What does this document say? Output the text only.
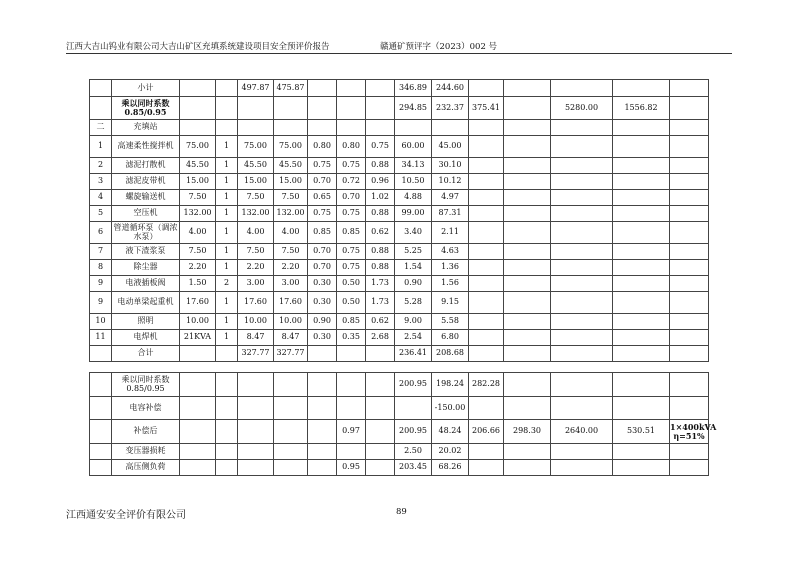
江西大吉山钨业有限公司大吉山矿区充填系统建设项目安全预评价报告	赣通矿预评字（2023）002 号
	小计			497.87	475.87				346.89	244.60					
	乘以同时系数0.85/0.95								294.85	232.37	375.41		5280.00	1556.82	
二	充填站														
1	高速柔性搅拌机	75.00	1	75.00	75.00	0.80	0.80	0.75	60.00	45.00					
2	滤泥打散机	45.50	1	45.50	45.50	0.75	0.75	0.88	34.13	30.10					
3	滤泥皮带机	15.00	1	15.00	15.00	0.70	0.72	0.96	10.50	10.12					
4	螺旋输送机	7.50	1	7.50	7.50	0.65	0.70	1.02	4.88	4.97					
5	空压机	132.00	1	132.00	132.00	0.75	0.75	0.88	99.00	87.31					
6	管道循环泵（调浓水泵）	4.00	1	4.00	4.00	0.85	0.85	0.62	3.40	2.11					
7	液下渣浆泵	7.50	1	7.50	7.50	0.70	0.75	0.88	5.25	4.63					
8	除尘器	2.20	1	2.20	2.20	0.70	0.75	0.88	1.54	1.36					
9	电液插板阀	1.50	2	3.00	3.00	0.30	0.50	1.73	0.90	1.56					
9	电动单梁起重机	17.60	1	17.60	17.60	0.30	0.50	1.73	5.28	9.15					
10	照明	10.00	1	10.00	10.00	0.90	0.85	0.62	9.00	5.58					
11	电焊机	21KVA	1	8.47	8.47	0.30	0.35	2.68	2.54	6.80					
	合计			327.77	327.77				236.41	208.68					
	乘以同时系数0.85/0.95								200.95	198.24	282.28				
	电容补偿									-150.00					
	补偿后						0.97		200.95	48.24	206.66	298.30	2640.00	530.51	1×400kVA η=51%
	变压器损耗								2.50	20.02					
	高压侧负荷						0.95		203.45	68.26					
江西通安安全评价有限公司	89
